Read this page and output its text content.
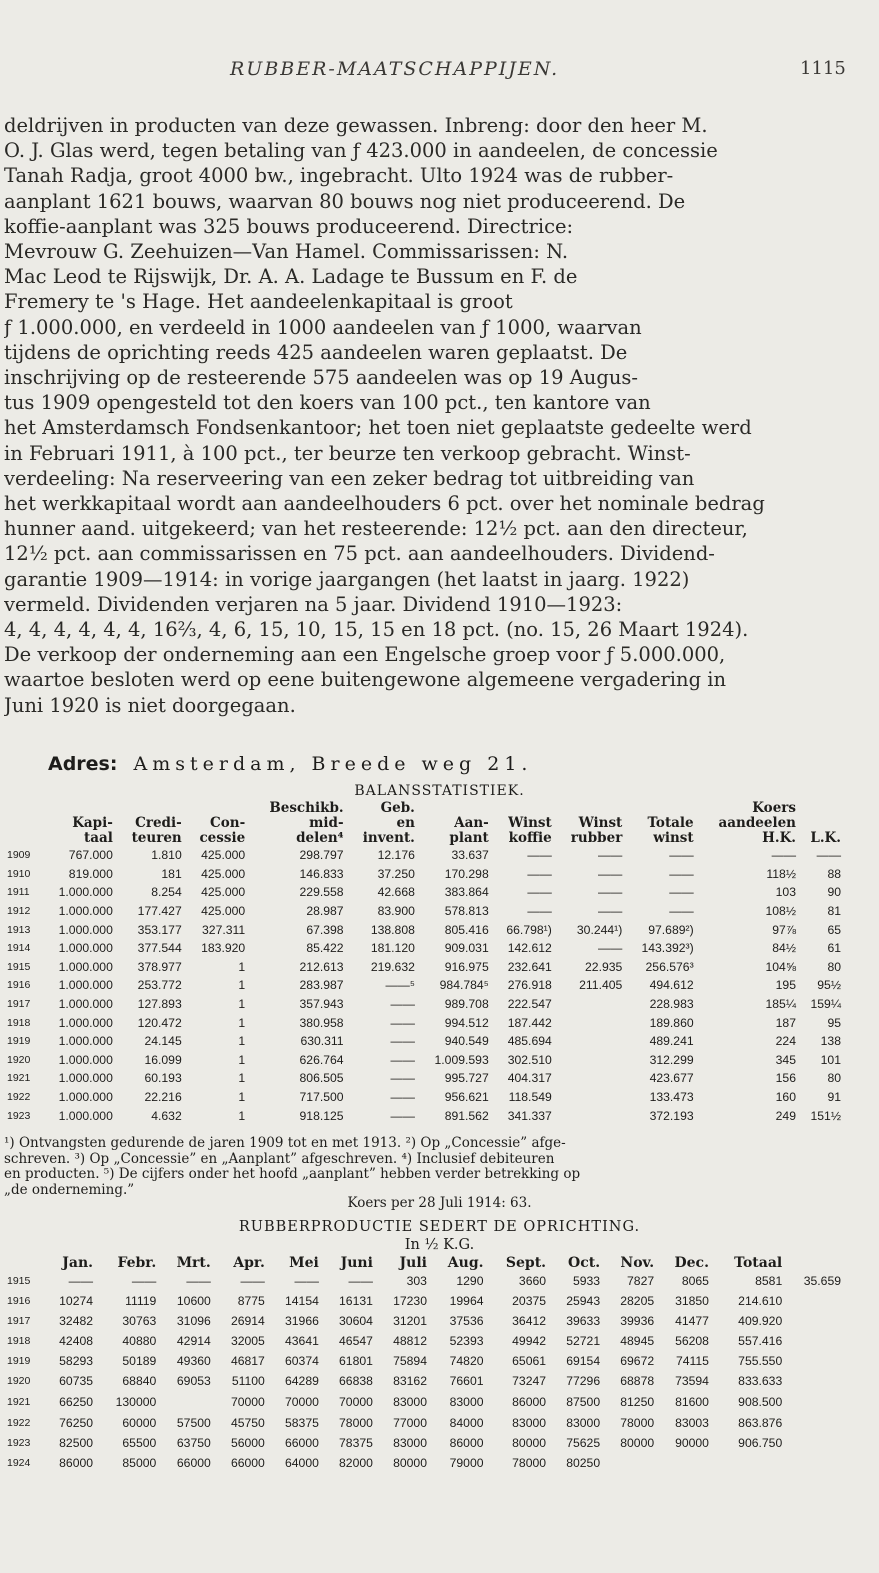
RUBBER-MAATSCHAPPIJEN.	1115
deldrijven in producten van deze gewassen. Inbreng: door den heer M.
O. J. Glas werd, tegen betaling van ƒ 423.000 in aandeelen, de concessie
Tanah Radja, groot 4000 bw., ingebracht. Ulto 1924 was de rubber-
aanplant 1621 bouws, waarvan 80 bouws nog niet produceerend. De
koffie-aanplant was 325 bouws produceerend. Directrice:
Mevrouw G. Zeehuizen—Van Hamel. Commissarissen: N.
Mac Leod te Rijswijk, Dr. A. A. Ladage te Bussum en F. de
Fremery te 's Hage. Het aandeelenkapitaal is groot
ƒ 1.000.000, en verdeeld in 1000 aandeelen van ƒ 1000, waarvan
tijdens de oprichting reeds 425 aandeelen waren geplaatst. De
inschrijving op de resteerende 575 aandeelen was op 19 Augus-
tus 1909 opengesteld tot den koers van 100 pct., ten kantore van
het Amsterdamsch Fondsenkantoor; het toen niet geplaatste gedeelte werd
in Februari 1911, à 100 pct., ter beurze ten verkoop gebracht. Winst-
verdeeling: Na reserveering van een zeker bedrag tot uitbreiding van
het werkkapitaal wordt aan aandeelhouders 6 pct. over het nominale bedrag
hunner aand. uitgekeerd; van het resteerende: 12½ pct. aan den directeur,
12½ pct. aan commissarissen en 75 pct. aan aandeelhouders. Dividend-
garantie 1909—1914: in vorige jaargangen (het laatst in jaarg. 1922)
vermeld. Dividenden verjaren na 5 jaar. Dividend 1910—1923:
4, 4, 4, 4, 4, 4, 16⅔, 4, 6, 15, 10, 15, 15 en 18 pct. (no. 15, 26 Maart 1924).
De verkoop der onderneming aan een Engelsche groep voor ƒ 5.000.000,
waartoe besloten werd op eene buitengewone algemeene vergadering in
Juni 1920 is niet doorgegaan.
Adres: Amsterdam, Breede weg 21.
BALANSSTATISTIEK.
				Beschikb.	Geb.					Koers	
	Kapi-	Credi-	Con-	mid-	en	Aan-	Winst	Winst	Totale	aandeelen	
	taal	teuren	cessie	delen⁴	invent.	plant	koffie	rubber	winst	H.K.	L.K.
1909	767.000	1.810	425.000	298.797	12.176	33.637	——	——	——	——	——
1910	819.000	181	425.000	146.833	37.250	170.298	——	——	——	118½	88
1911	1.000.000	8.254	425.000	229.558	42.668	383.864	——	——	——	103	90
1912	1.000.000	177.427	425.000	28.987	83.900	578.813	——	——	——	108½	81
1913	1.000.000	353.177	327.311	67.398	138.808	805.416	66.798¹)	30.244¹)	97.689²)	97⅞	65
1914	1.000.000	377.544	183.920	85.422	181.120	909.031	142.612	——	143.392³)	84½	61
1915	1.000.000	378.977	1	212.613	219.632	916.975	232.641	22.935	256.576³	104⅝	80
1916	1.000.000	253.772	1	283.987	——⁵	984.784⁵	276.918	211.405	494.612	195	95½
1917	1.000.000	127.893	1	357.943	——	989.708	222.547		228.983	185¼	159¼
1918	1.000.000	120.472	1	380.958	——	994.512	187.442		189.860	187	95
1919	1.000.000	24.145	1	630.311	——	940.549	485.694		489.241	224	138
1920	1.000.000	16.099	1	626.764	——	1.009.593	302.510		312.299	345	101
1921	1.000.000	60.193	1	806.505	——	995.727	404.317		423.677	156	80
1922	1.000.000	22.216	1	717.500	——	956.621	118.549		133.473	160	91
1923	1.000.000	4.632	1	918.125	——	891.562	341.337		372.193	249	151½
¹) Ontvangsten gedurende de jaren 1909 tot en met 1913. ²) Op „Concessie” afge-
schreven. ³) Op „Concessie” en „Aanplant” afgeschreven. ⁴) Inclusief debiteuren
en producten. ⁵) De cijfers onder het hoofd „aanplant” hebben verder betrekking op
„de onderneming.”
Koers per 28 Juli 1914: 63.
RUBBERPRODUCTIE SEDERT DE OPRICHTING.
In ½ K.G.
	Jan.	Febr.	Mrt.	Apr.	Mei	Juni	Juli	Aug.	Sept.	Oct.	Nov.	Dec.	Totaal	
1915	——	——	——	——	——	——	303	1290	3660	5933	7827	8065	8581	35.659
1916	10274	11119	10600	8775	14154	16131	17230	19964	20375	25943	28205	31850	214.610	
1917	32482	30763	31096	26914	31966	30604	31201	37536	36412	39633	39936	41477	409.920	
1918	42408	40880	42914	32005	43641	46547	48812	52393	49942	52721	48945	56208	557.416	
1919	58293	50189	49360	46817	60374	61801	75894	74820	65061	69154	69672	74115	755.550	
1920	60735	68840	69053	51100	64289	66838	83162	76601	73247	77296	68878	73594	833.633	
1921	66250	130000		70000	70000	70000	83000	83000	86000	87500	81250	81600	908.500	
1922	76250	60000	57500	45750	58375	78000	77000	84000	83000	83000	78000	83003	863.876	
1923	82500	65500	63750	56000	66000	78375	83000	86000	80000	75625	80000	90000	906.750	
1924	86000	85000	66000	66000	64000	82000	80000	79000	78000	80250				
